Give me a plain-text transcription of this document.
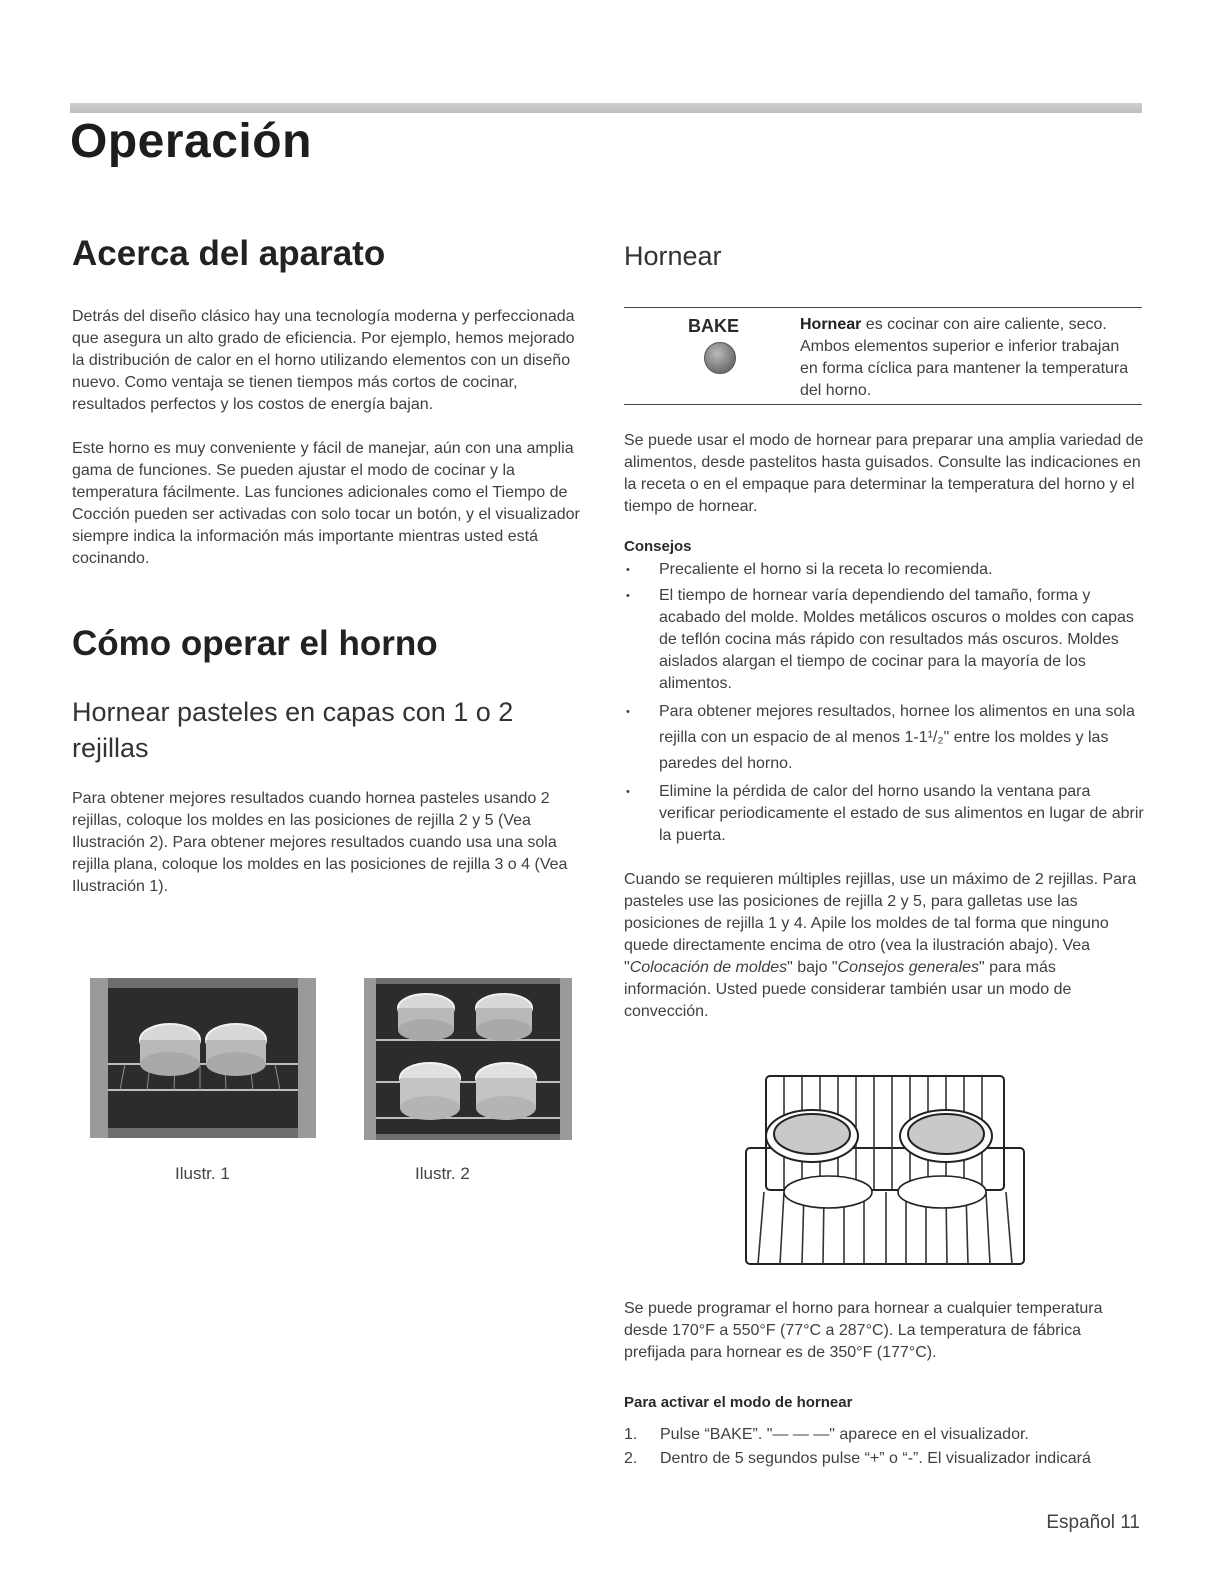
Operación
Acerca del aparato

Detrás del diseño clásico hay una tecnología moderna y perfeccionada que asegura un alto grado de eficiencia. Por ejemplo, hemos mejorado la distribución de calor en el horno utilizando elementos con un diseño nuevo. Como ventaja se tienen tiempos más cortos de cocinar, resultados perfectos y los costos de energía bajan.

Este horno es muy conveniente y fácil de manejar, aún con una amplia gama de funciones. Se pueden ajustar el modo de cocinar y la temperatura fácilmente. Las funciones adicionales como el Tiempo de Cocción pueden ser activadas con solo tocar un botón, y el visualizador siempre indica la información más importante mientras usted está cocinando.

Cómo operar el horno
Hornear pasteles en capas con 1 o 2 rejillas

Para obtener mejores resultados cuando hornea pasteles usando 2 rejillas, coloque los moldes en las posiciones de rejilla 2 y 5 (Vea Ilustración 2). Para obtener mejores resultados cuando usa una sola rejilla plana, coloque los moldes en las posiciones de rejilla 3 o 4 (Vea Ilustración 1).

Ilustr. 1	Ilustr. 2
Hornear
BAKE	Hornear es cocinar con aire caliente, seco. Ambos elementos superior e inferior trabajan en forma cíclica para mantener la temperatura del horno.

Se puede usar el modo de hornear para preparar una amplia variedad de alimentos, desde pastelitos hasta guisados. Consulte las indicaciones en la receta o en el empaque para determinar la temperatura del horno y el tiempo de hornear.

Consejos
• Precaliente el horno si la receta lo recomienda.
• El tiempo de hornear varía dependiendo del tamaño, forma y acabado del molde. Moldes metálicos oscuros o moldes con capas de teflón cocina más rápido con resultados más oscuros. Moldes aislados alargan el tiempo de cocinar para la mayoría de los alimentos.
• Para obtener mejores resultados, hornee los alimentos en una sola rejilla con un espacio de al menos 1-1¹/₂" entre los moldes y las paredes del horno.
• Elimine la pérdida de calor del horno usando la ventana para verificar periodicamente el estado de sus alimentos en lugar de abrir la puerta.

Cuando se requieren múltiples rejillas, use un máximo de 2 rejillas. Para pasteles use las posiciones de rejilla 2 y 5, para galletas use las posiciones de rejilla 1 y 4. Apile los moldes de tal forma que ninguno quede directamente encima de otro (vea la ilustración abajo). Vea "Colocación de moldes" bajo "Consejos generales" para más información. Usted puede considerar también usar un modo de convección.

Se puede programar el horno para hornear a cualquier temperatura desde 170°F a 550°F (77°C a 287°C). La temperatura de fábrica prefijada para hornear es de 350°F (177°C).

Para activar el modo de hornear
1. Pulse “BAKE”. "— — —" aparece en el visualizador.
2. Dentro de 5 segundos pulse “+” o “-”. El visualizador indicará
Español 11
